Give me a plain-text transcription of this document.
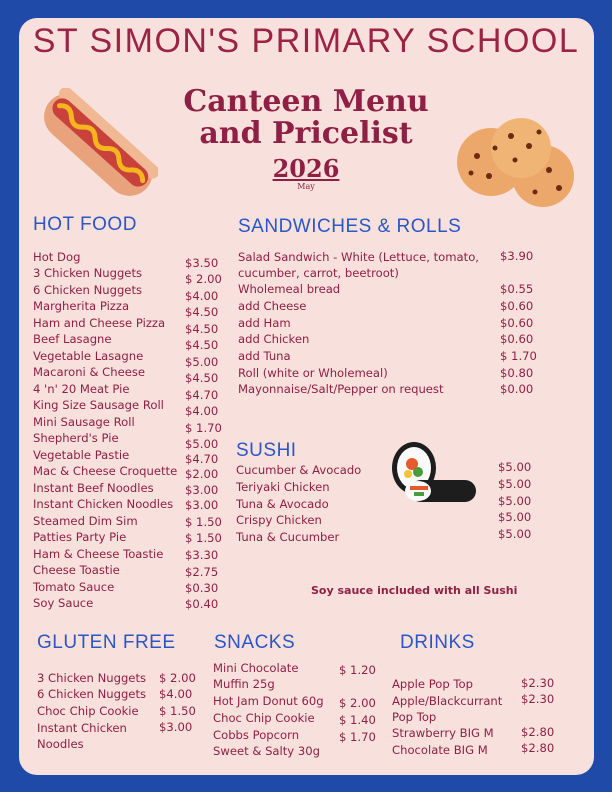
ST SIMON'S PRIMARY SCHOOL
Canteen Menu
and Pricelist
2026
May
HOT FOOD	SANDWICHES & ROLLS
SUSHI
Soy sauce included with all Sushi
GLUTEN FREE SNACKS	DRINKS
Hot Dog	$3.50
3 Chicken Nuggets	$ 2.00
6 Chicken Nuggets	$4.00
Margherita Pizza	$4.50
Ham and Cheese Pizza $4.50
Beef Lasagne	$4.50
Vegetable Lasagne	$5.00
Macaroni & Cheese	$4.50
4 'n' 20 Meat Pie	$4.70
King Size Sausage Roll $4.00
Mini Sausage Roll	$ 1.70
Shepherd's Pie	$5.00
Vegetable Pastie	$4.70
Mac & Cheese Croquette $2.00
Instant Beef Noodles	$3.00
Instant Chicken Noodles $3.00
Steamed Dim Sim	$ 1.50
Patties Party Pie	$ 1.50
Ham & Cheese Toastie $3.30
Cheese Toastie	$2.75
Tomato Sauce	$0.30
Soy Sauce	$0.40
Salad Sandwich - White (Lettuce, tomato, cucumber, carrot, beetroot)
$3.90
Wholemeal bread	$0.55
add Cheese	$0.60
add Ham	$0.60
add Chicken	$0.60
add Tuna	$ 1.70
Roll (white or Wholemeal)	$0.80
Mayonnaise/Salt/Pepper on request	$0.00
Cucumber & Avocado	$5.00
Teriyaki Chicken	$5.00
Tuna & Avocado	$5.00
Crispy Chicken	$5.00
Tuna & Cucumber	$5.00
3 Chicken Nuggets $ 2.00
6 Chicken Nuggets $4.00
Choc Chip Cookie $ 1.50
Instant Chicken Noodles
$3.00
Mini Chocolate Muffin 25g
$ 1.20
Hot Jam Donut 60g $ 2.00
Choc Chip Cookie $ 1.40
Cobbs Popcorn	$ 1.70
Sweet & Salty 30g
Apple Pop Top	$2.30
Apple/Blackcurrant Pop Top
$2.30
Strawberry BIG M $2.80
Chocolate BIG M	$2.80
